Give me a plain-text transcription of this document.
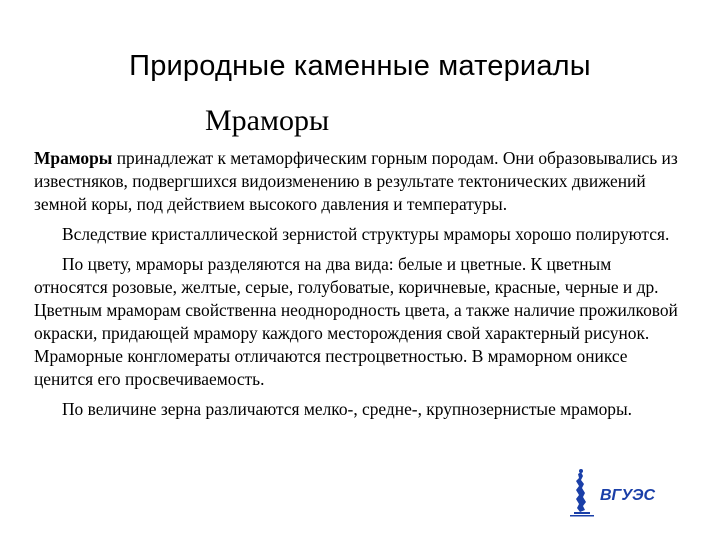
Природные каменные материалы
Мраморы

Мраморы принадлежат к метаморфическим горным породам. Они образовывались из известняков, подвергшихся видоизменению в результате тектонических движений земной коры, под действием высокого давления и температуры.

Вследствие кристаллической зернистой структуры мраморы хорошо полируются.

По цвету, мраморы разделяются на два вида: белые и цветные. К цветным относятся розовые, желтые, серые, голубоватые, коричневые, красные, черные и др. Цветным мраморам свойственна неоднородность цвета, а также наличие прожилковой окраски, придающей мрамору каждого месторождения свой характерный рисунок. Мраморные конгломераты отличаются пестроцветностью. В мраморном ониксе ценится его просвечиваемость.

По величине зерна различаются мелко-, средне-, крупнозернистые мраморы.

ВГУЭС
